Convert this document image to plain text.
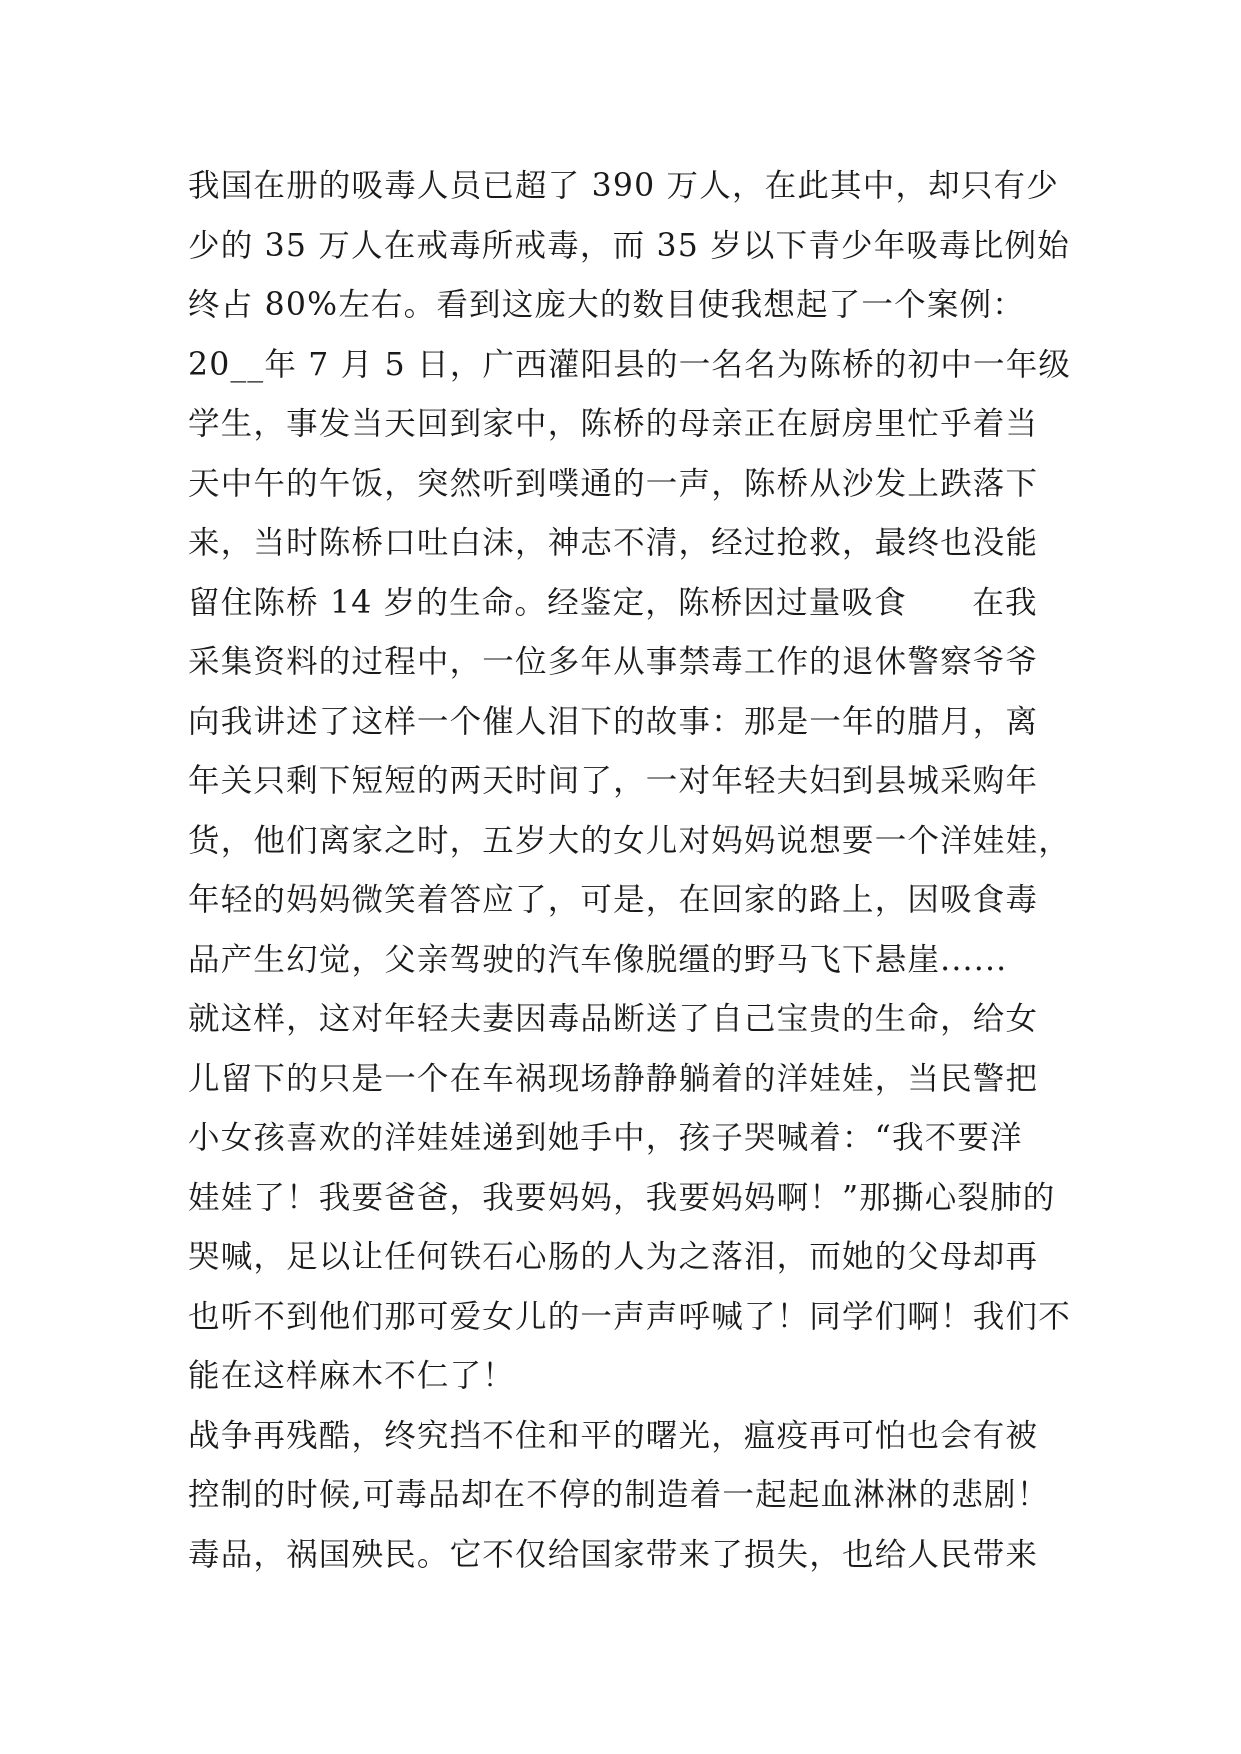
我国在册的吸毒人员已超了 390 万人，在此其中，却只有少
少的 35 万人在戒毒所戒毒，而 35 岁以下青少年吸毒比例始
终占 80%左右。看到这庞大的数目使我想起了一个案例：
20__年 7 月 5 日，广西灌阳县的一名名为陈桥的初中一年级
学生，事发当天回到家中，陈桥的母亲正在厨房里忙乎着当
天中午的午饭，突然听到噗通的一声，陈桥从沙发上跌落下
来，当时陈桥口吐白沫，神志不清，经过抢救，最终也没能
留住陈桥 14 岁的生命。经鉴定，陈桥因过量吸食　　在我
采集资料的过程中，一位多年从事禁毒工作的退休警察爷爷
向我讲述了这样一个催人泪下的故事：那是一年的腊月，离
年关只剩下短短的两天时间了，一对年轻夫妇到县城采购年
货，他们离家之时，五岁大的女儿对妈妈说想要一个洋娃娃，
年轻的妈妈微笑着答应了，可是，在回家的路上，因吸食毒
品产生幻觉，父亲驾驶的汽车像脱缰的野马飞下悬崖......
就这样，这对年轻夫妻因毒品断送了自己宝贵的生命，给女
儿留下的只是一个在车祸现场静静躺着的洋娃娃，当民警把
小女孩喜欢的洋娃娃递到她手中，孩子哭喊着：“我不要洋
娃娃了！我要爸爸，我要妈妈，我要妈妈啊！”那撕心裂肺的
哭喊，足以让任何铁石心肠的人为之落泪，而她的父母却再
也听不到他们那可爱女儿的一声声呼喊了！同学们啊！我们不
能在这样麻木不仁了！
战争再残酷，终究挡不住和平的曙光，瘟疫再可怕也会有被
控制的时候,可毒品却在不停的制造着一起起血淋淋的悲剧！
毒品，祸国殃民。它不仅给国家带来了损失，也给人民带来
